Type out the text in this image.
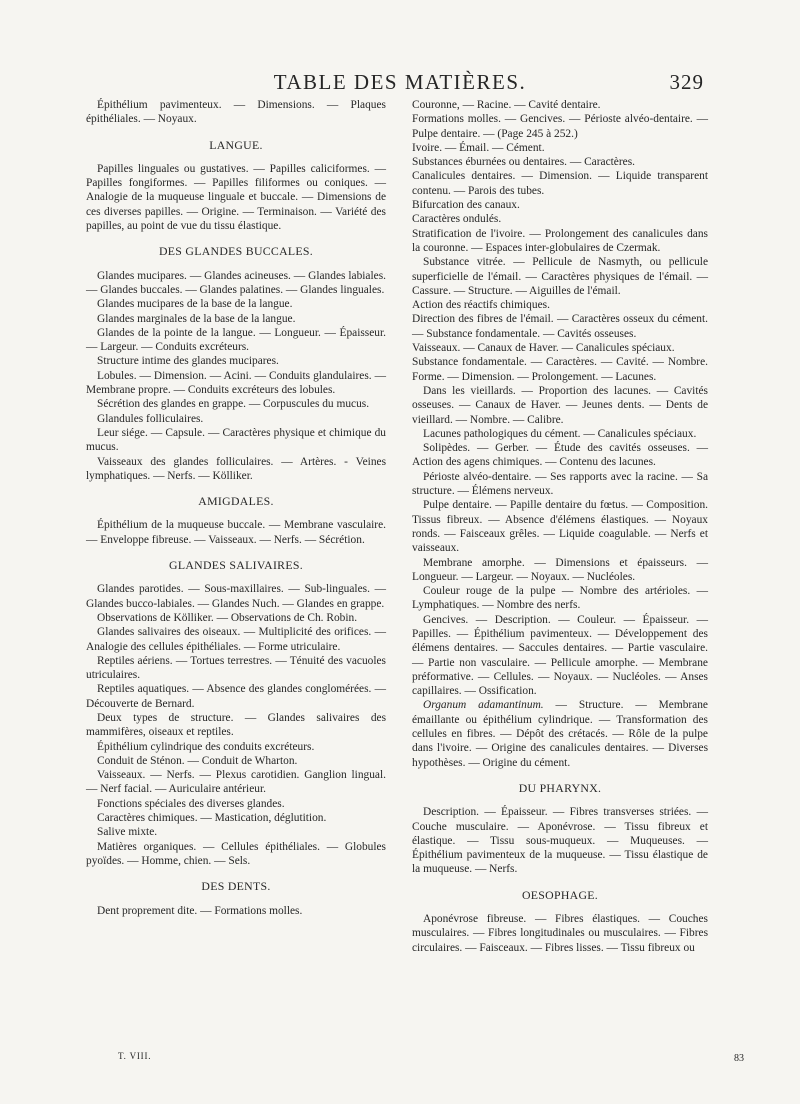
TABLE DES MATIÈRES.	329
Épithélium pavimenteux. — Dimensions. — Plaques épithéliales. — Noyaux.
LANGUE.
Papilles linguales ou gustatives. — Papilles caliciformes. — Papilles fongiformes. — Papilles filiformes ou coniques. — Analogie de la muqueuse linguale et buccale. — Dimensions de ces diverses papilles. — Origine. — Terminaison. — Variété des papilles, au point de vue du tissu élastique.
DES GLANDES BUCCALES.
Glandes mucipares. — Glandes acineuses. — Glandes labiales. — Glandes buccales. — Glandes palatines. — Glandes linguales.
Glandes mucipares de la base de la langue.
Glandes marginales de la base de la langue.
Glandes de la pointe de la langue. — Longueur. — Épaisseur. — Largeur. — Conduits excréteurs.
Structure intime des glandes mucipares.
Lobules. — Dimension. — Acini. — Conduits glandulaires. — Membrane propre. — Conduits excréteurs des lobules.
Sécrétion des glandes en grappe. — Corpuscules du mucus.
Glandules folliculaires.
Leur siége. — Capsule. — Caractères physique et chimique du mucus.
Vaisseaux des glandes folliculaires. — Artères. - Veines lymphatiques. — Nerfs. — Kölliker.
AMIGDALES.
Épithélium de la muqueuse buccale. — Membrane vasculaire. — Enveloppe fibreuse. — Vaisseaux. — Nerfs. — Sécrétion.
GLANDES SALIVAIRES.
Glandes parotides. — Sous-maxillaires. — Sub-linguales. — Glandes bucco-labiales. — Glandes Nuch. — Glandes en grappe.
Observations de Kölliker. — Observations de Ch. Robin.
Glandes salivaires des oiseaux. — Multiplicité des orifices. — Analogie des cellules épithéliales. — Forme utriculaire.
Reptiles aériens. — Tortues terrestres. — Ténuité des vacuoles utriculaires.
Reptiles aquatiques. — Absence des glandes conglomérées. — Découverte de Bernard.
Deux types de structure. — Glandes salivaires des mammifères, oiseaux et reptiles.
Épithélium cylindrique des conduits excréteurs.
Conduit de Sténon. — Conduit de Wharton.
Vaisseaux. — Nerfs. — Plexus carotidien. Ganglion lingual. — Nerf facial. — Auriculaire antérieur.
Fonctions spéciales des diverses glandes.
Caractères chimiques. — Mastication, déglutition.
Salive mixte.
Matières organiques. — Cellules épithéliales. — Globules pyoïdes. — Homme, chien. — Sels.
DES DENTS.
Dent proprement dite. — Formations molles.
Couronne, — Racine. — Cavité dentaire.
Formations molles. — Gencives. — Périoste alvéo-dentaire. — Pulpe dentaire. — (Page 245 à 252.)
Ivoire. — Émail. — Cément.
Substances éburnées ou dentaires. — Caractères.
Canalicules dentaires. — Dimension. — Liquide transparent contenu. — Parois des tubes.
Bifurcation des canaux.
Caractères ondulés.
Stratification de l'ivoire. — Prolongement des canalicules dans la couronne. — Espaces inter-globulaires de Czermak.
Substance vitrée. — Pellicule de Nasmyth, ou pellicule superficielle de l'émail. — Caractères physiques de l'émail. — Cassure. — Structure. — Aiguilles de l'émail.
Action des réactifs chimiques.
Direction des fibres de l'émail. — Caractères osseux du cément. — Substance fondamentale. — Cavités osseuses.
Vaisseaux. — Canaux de Haver. — Canalicules spéciaux.
Substance fondamentale. — Caractères. — Cavité. — Nombre. Forme. — Dimension. — Prolongement. — Lacunes.
Dans les vieillards. — Proportion des lacunes. — Cavités osseuses. — Canaux de Haver. — Jeunes dents. — Dents de vieillard. — Nombre. — Calibre.
Lacunes pathologiques du cément. — Canalicules spéciaux.
Solipèdes. — Gerber. — Étude des cavités osseuses. — Action des agens chimiques. — Contenu des lacunes.
Périoste alvéo-dentaire. — Ses rapports avec la racine. — Sa structure. — Élémens nerveux.
Pulpe dentaire. — Papille dentaire du fœtus. — Composition. Tissus fibreux. — Absence d'élémens élastiques. — Noyaux ronds. — Faisceaux grêles. — Liquide coagulable. — Nerfs et vaisseaux.
Membrane amorphe. — Dimensions et épaisseurs. — Longueur. — Largeur. — Noyaux. — Nucléoles.
Couleur rouge de la pulpe — Nombre des artérioles. — Lymphatiques. — Nombre des nerfs.
Gencives. — Description. — Couleur. — Épaisseur. — Papilles. — Épithélium pavimenteux. — Développement des élémens dentaires. — Saccules dentaires. — Partie vasculaire. — Partie non vasculaire. — Pellicule amorphe. — Membrane préformative. — Cellules. — Noyaux. — Nucléoles. — Anses capillaires. — Ossification.
Organum adamantinum. — Structure. — Membrane émaillante ou épithélium cylindrique. — Transformation des cellules en fibres. — Dépôt des crétacés. — Rôle de la pulpe dans l'ivoire. — Origine des canalicules dentaires. — Diverses hypothèses. — Origine du cément.
DU PHARYNX.
Description. — Épaisseur. — Fibres transverses striées. — Couche musculaire. — Aponévrose. — Tissu fibreux et élastique. — Tissu sous-muqueux. — Muqueuses. — Épithélium pavimenteux de la muqueuse. — Tissu élastique de la muqueuse. — Nerfs.
OESOPHAGE.
Aponévrose fibreuse. — Fibres élastiques. — Couches musculaires. — Fibres longitudinales ou musculaires. — Fibres circulaires. — Faisceaux. — Fibres lisses. — Tissu fibreux ou
T. VIII.	83
